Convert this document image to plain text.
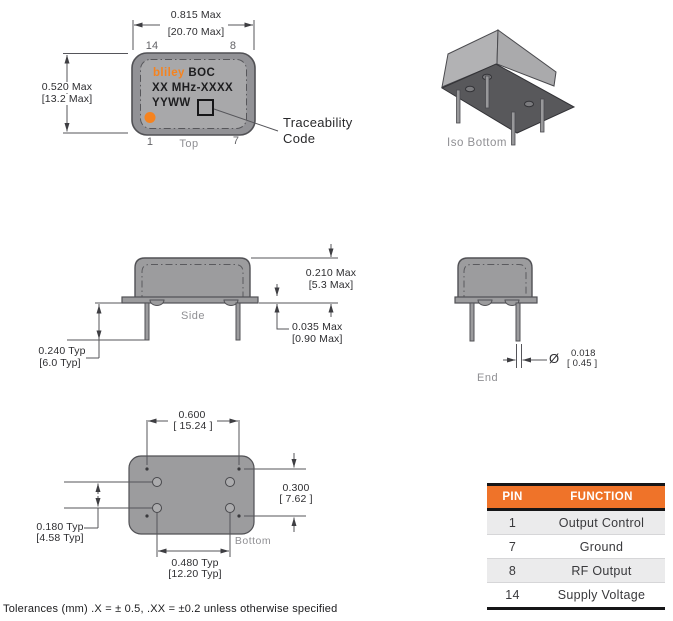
0.815 Max
[20.70 Max]
0.520 Max
[13.2 Max]
14	8
1	7
Top
bliley BOC
XX MHz-XXXX
YYWW
Traceability
Code	Iso Bottom
Side
0.210 Max
[5.3 Max]
0.035 Max
[0.90 Max]
0.240 Typ
[6.0 Typ]
End
Ø 0.018
[ 0.45 ]
Bottom
0.600
[ 15.24 ]
0.300
[ 7.62 ]
0.180 Typ
[4.58 Typ]
0.480 Typ
[12.20 Typ]
PIN	FUNCTION
1	Output Control
7	Ground
8	RF Output
14	Supply Voltage
Tolerances (mm) .X = ± 0.5, .XX = ±0.2 unless otherwise specified
